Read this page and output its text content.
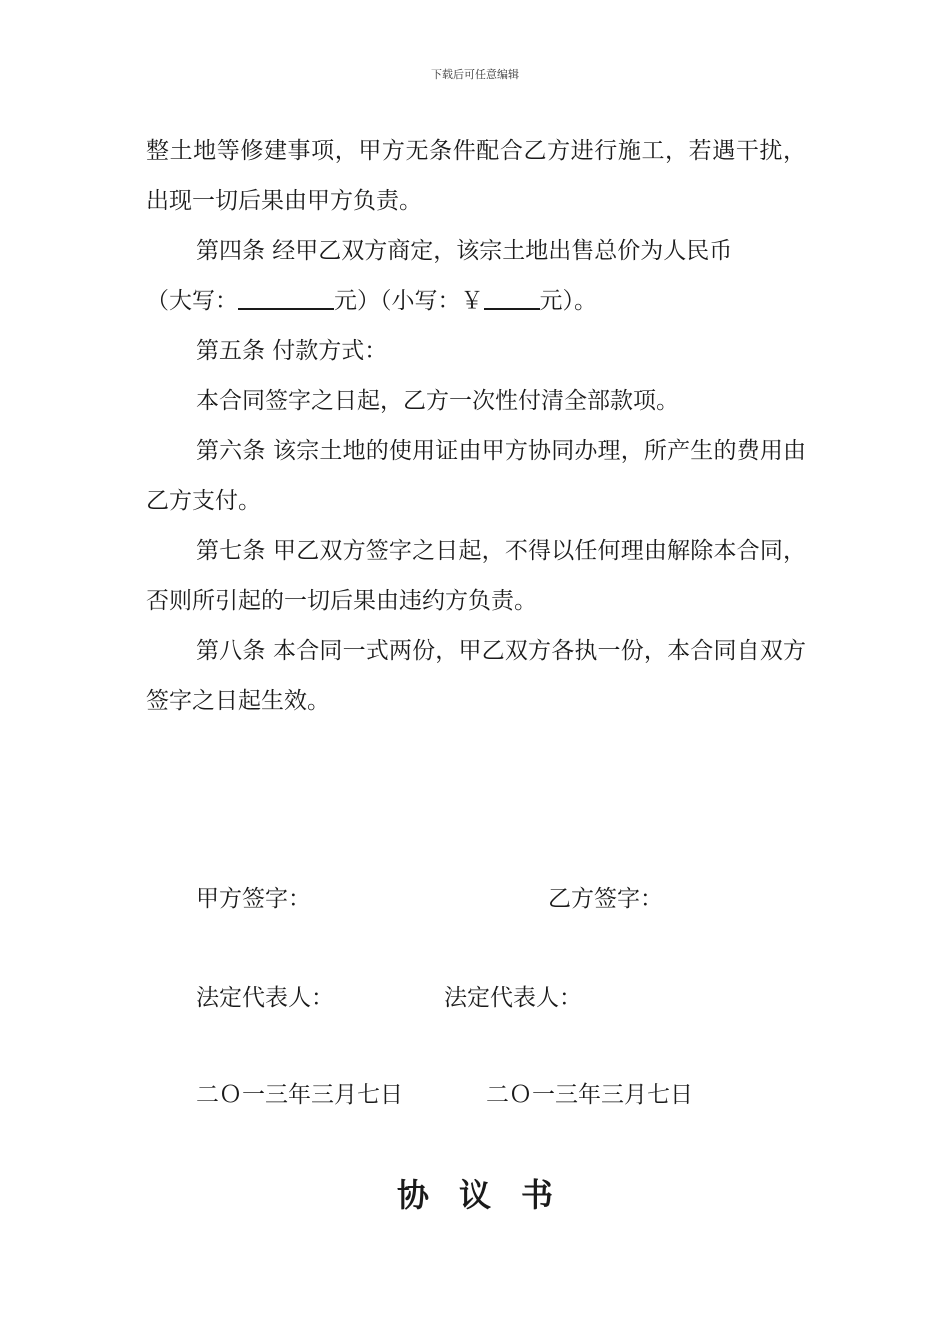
下载后可任意编辑

整土地等修建事项，甲方无条件配合乙方进行施工，若遇干扰，出现一切后果由甲方负责。

第四条 经甲乙双方商定，该宗土地出售总价为人民币

（大写：	元）（小写：￥ 元）。

第五条 付款方式：

本合同签字之日起，乙方一次性付清全部款项。

第六条 该宗土地的使用证由甲方协同办理，所产生的费用由乙方支付。

第七条 甲乙双方签字之日起，不得以任何理由解除本合同，否则所引起的一切后果由违约方负责。

第八条 本合同一式两份，甲乙双方各执一份，本合同自双方签字之日起生效。

甲方签字：	乙方签字：
法定代表人：	法定代表人：
二Ｏ一三年三月七日	二Ｏ一三年三月七日
协议书
